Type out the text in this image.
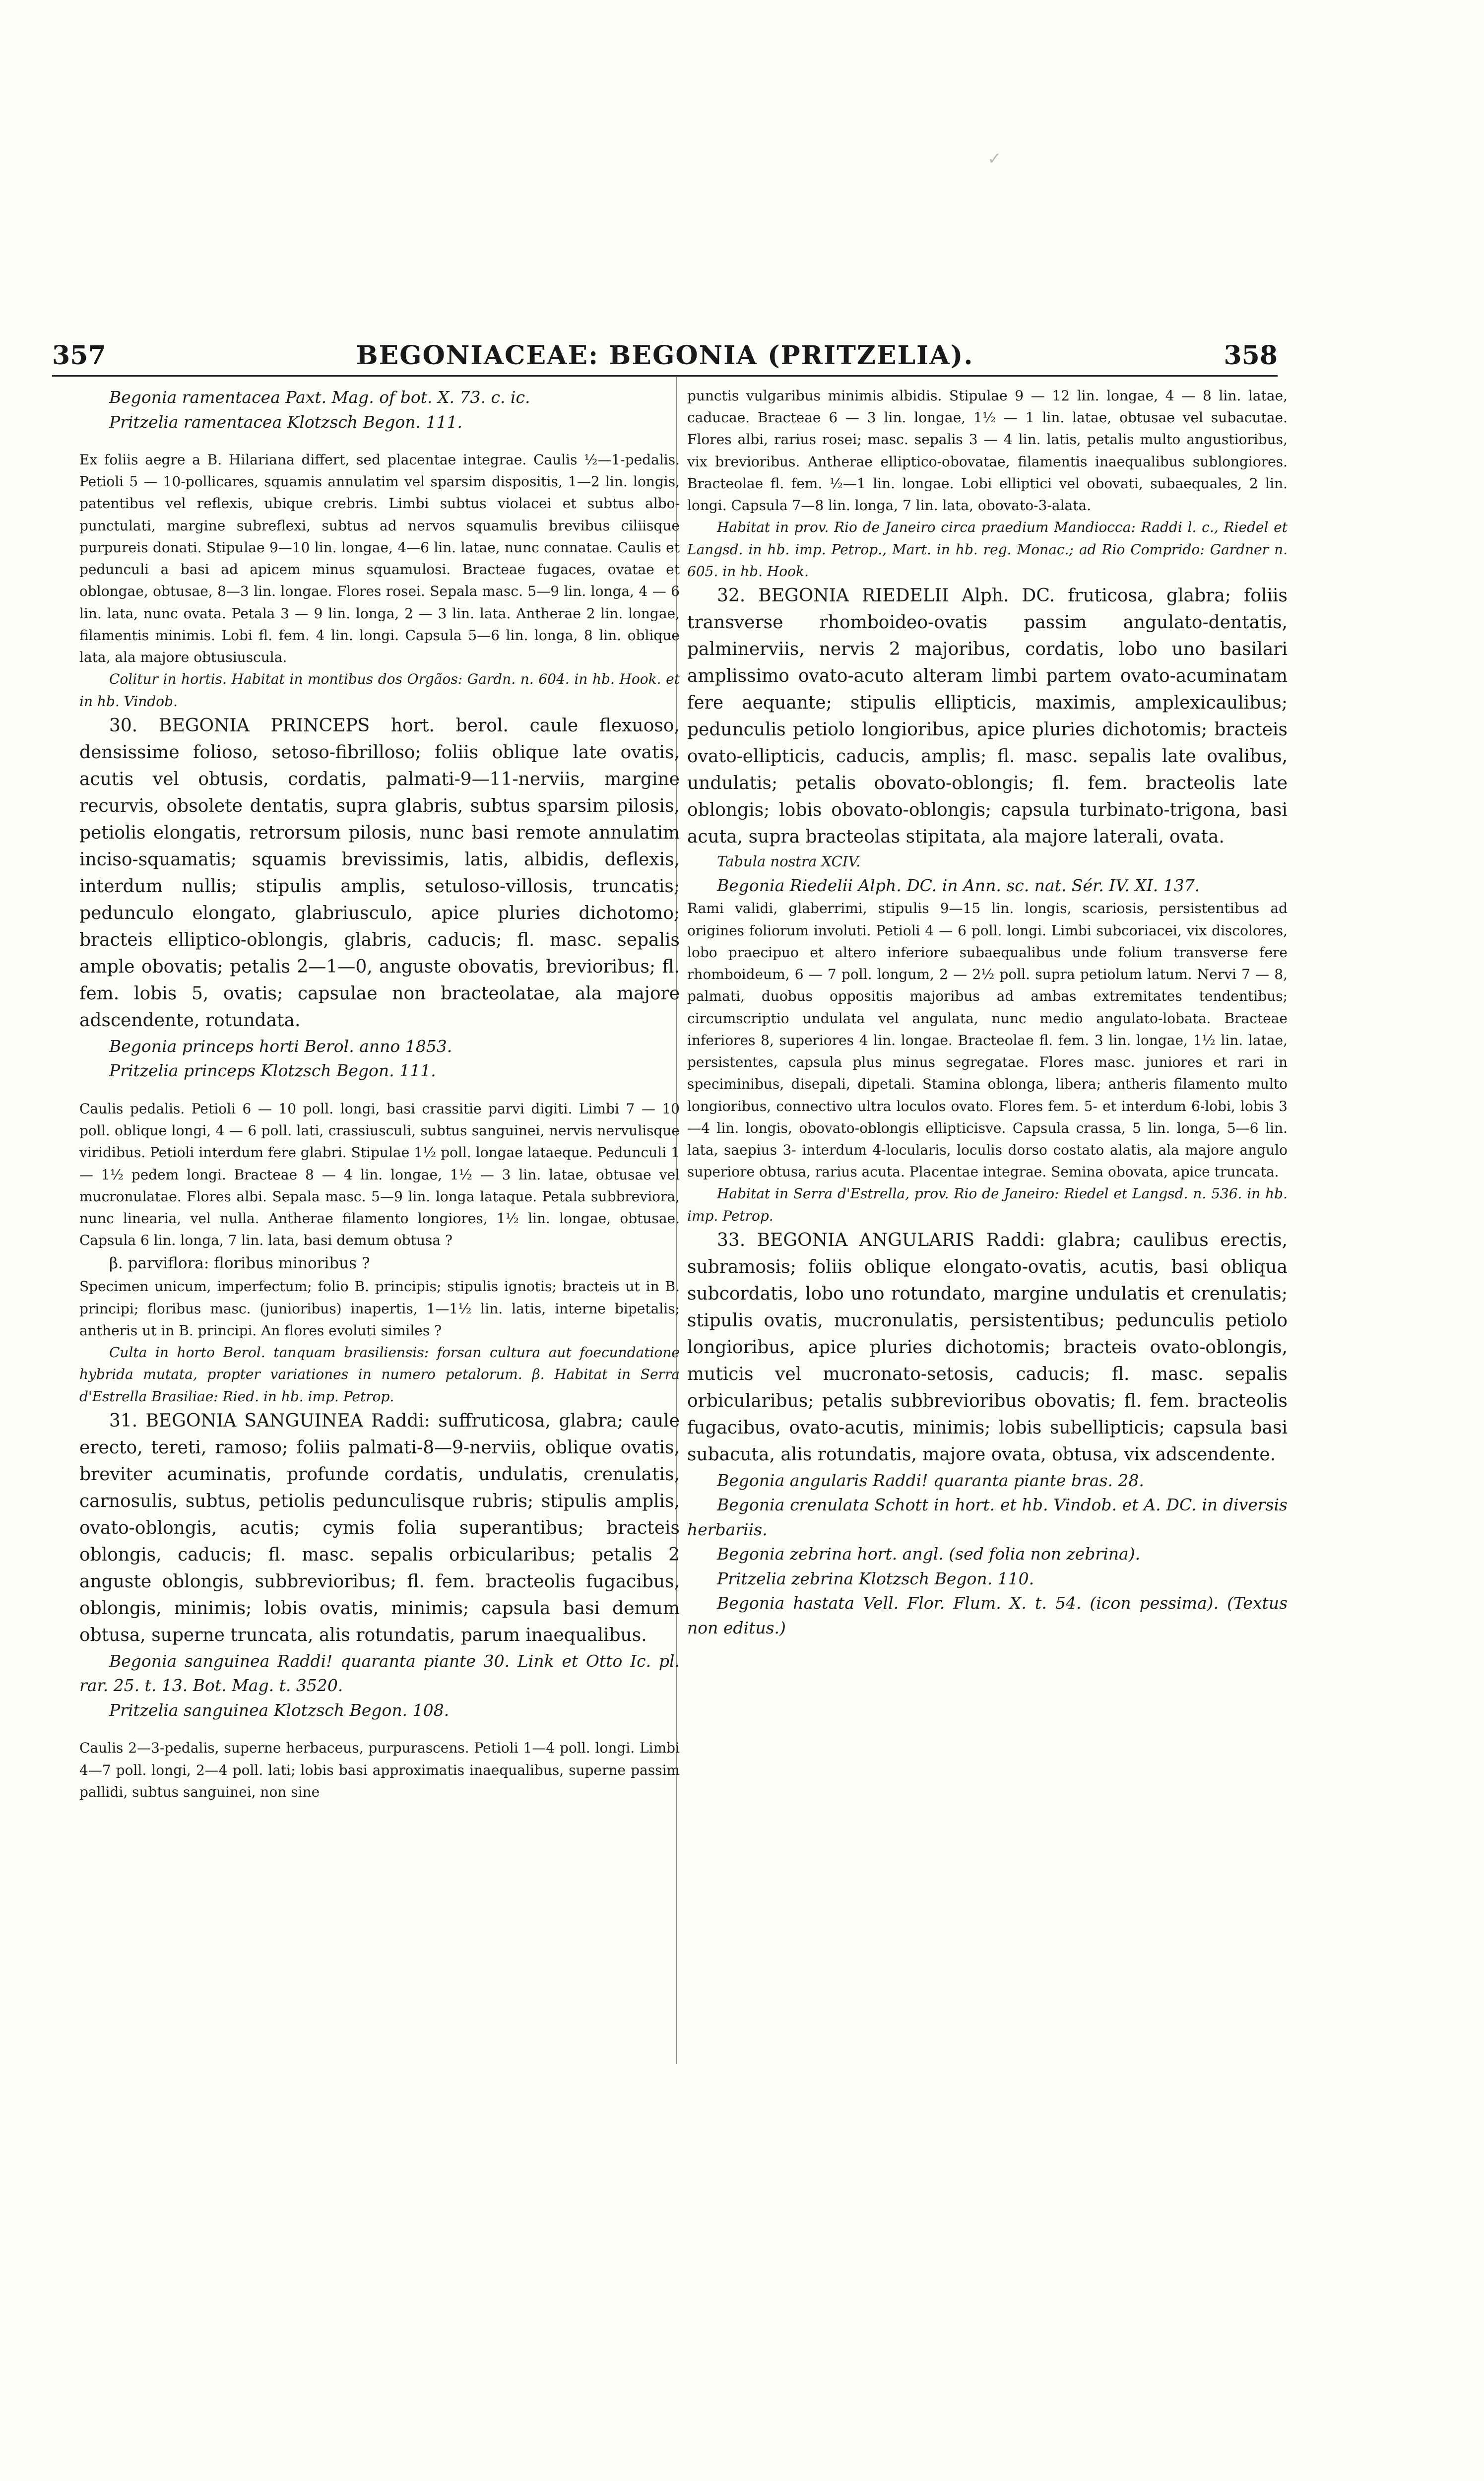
✓
357	BEGONIACEAE: BEGONIA (PRITZELIA).	358

Begonia ramentacea Paxt. Mag. of bot. X. 73. c. ic.

Pritzelia ramentacea Klotzsch Begon. 111.

Ex foliis aegre a B. Hilariana differt, sed placentae integrae. Caulis ½—1-pedalis. Petioli 5 — 10-pollicares, squamis annulatim vel sparsim dispositis, 1—2 lin. longis, patentibus vel reflexis, ubique crebris. Limbi subtus violacei et subtus albo-punctulati, margine subreflexi, subtus ad nervos squamulis brevibus ciliisque purpureis donati. Stipulae 9—10 lin. longae, 4—6 lin. latae, nunc connatae. Caulis et pedunculi a basi ad apicem minus squamulosi. Bracteae fugaces, ovatae et oblongae, obtusae, 8—3 lin. longae. Flores rosei. Sepala masc. 5—9 lin. longa, 4 — 6 lin. lata, nunc ovata. Petala 3 — 9 lin. longa, 2 — 3 lin. lata. Antherae 2 lin. longae, filamentis minimis. Lobi fl. fem. 4 lin. longi. Capsula 5—6 lin. longa, 8 lin. oblique lata, ala majore obtusiuscula.

Colitur in hortis. Habitat in montibus dos Orgãos: Gardn. n. 604. in hb. Hook. et in hb. Vindob.

30. BEGONIA PRINCEPS hort. berol. caule flexuoso, densissime folioso, setoso-fibrilloso; foliis oblique late ovatis, acutis vel obtusis, cordatis, palmati-9—11-nerviis, margine recurvis, obsolete dentatis, supra glabris, subtus sparsim pilosis, petiolis elongatis, retrorsum pilosis, nunc basi remote annulatim inciso-squamatis; squamis brevissimis, latis, albidis, deflexis, interdum nullis; stipulis amplis, setuloso-villosis, truncatis; pedunculo elongato, glabriusculo, apice pluries dichotomo; bracteis elliptico-oblongis, glabris, caducis; fl. masc. sepalis ample obovatis; petalis 2—1—0, anguste obovatis, brevioribus; fl. fem. lobis 5, ovatis; capsulae non bracteolatae, ala majore adscendente, rotundata.

Begonia princeps horti Berol. anno 1853.

Pritzelia princeps Klotzsch Begon. 111.

Caulis pedalis. Petioli 6 — 10 poll. longi, basi crassitie parvi digiti. Limbi 7 — 10 poll. oblique longi, 4 — 6 poll. lati, crassiusculi, subtus sanguinei, nervis nervulisque viridibus. Petioli interdum fere glabri. Stipulae 1½ poll. longae lataeque. Pedunculi 1 — 1½ pedem longi. Bracteae 8 — 4 lin. longae, 1½ — 3 lin. latae, obtusae vel mucronulatae. Flores albi. Sepala masc. 5—9 lin. longa lataque. Petala subbreviora, nunc linearia, vel nulla. Antherae filamento longiores, 1½ lin. longae, obtusae. Capsula 6 lin. longa, 7 lin. lata, basi demum obtusa ?

β. parviflora: floribus minoribus ?

Specimen unicum, imperfectum; folio B. principis; stipulis ignotis; bracteis ut in B. principi; floribus masc. (junioribus) inapertis, 1—1½ lin. latis, interne bipetalis; antheris ut in B. principi. An flores evoluti similes ?

Culta in horto Berol. tanquam brasiliensis: forsan cultura aut foecundatione hybrida mutata, propter variationes in numero petalorum. β. Habitat in Serra d'Estrella Brasiliae: Ried. in hb. imp. Petrop.

31. BEGONIA SANGUINEA Raddi: suffruticosa, glabra; caule erecto, tereti, ramoso; foliis palmati-8—9-nerviis, oblique ovatis, breviter acuminatis, profunde cordatis, undulatis, crenulatis, carnosulis, subtus, petiolis pedunculisque rubris; stipulis amplis, ovato-oblongis, acutis; cymis folia superantibus; bracteis oblongis, caducis; fl. masc. sepalis orbicularibus; petalis 2 anguste oblongis, subbrevioribus; fl. fem. bracteolis fugacibus, oblongis, minimis; lobis ovatis, minimis; capsula basi demum obtusa, superne truncata, alis rotundatis, parum inaequalibus.

Begonia sanguinea Raddi! quaranta piante 30. Link et Otto Ic. pl. rar. 25. t. 13. Bot. Mag. t. 3520.

Pritzelia sanguinea Klotzsch Begon. 108.

Caulis 2—3-pedalis, superne herbaceus, purpurascens. Petioli 1—4 poll. longi. Limbi 4—7 poll. longi, 2—4 poll. lati; lobis basi approximatis inaequalibus, superne passim pallidi, subtus sanguinei, non sine

punctis vulgaribus minimis albidis. Stipulae 9 — 12 lin. longae, 4 — 8 lin. latae, caducae. Bracteae 6 — 3 lin. longae, 1½ — 1 lin. latae, obtusae vel subacutae. Flores albi, rarius rosei; masc. sepalis 3 — 4 lin. latis, petalis multo angustioribus, vix brevioribus. Antherae elliptico-obovatae, filamentis inaequalibus sublongiores. Bracteolae fl. fem. ½—1 lin. longae. Lobi elliptici vel obovati, subaequales, 2 lin. longi. Capsula 7—8 lin. longa, 7 lin. lata, obovato-3-alata.

Habitat in prov. Rio de Janeiro circa praedium Mandiocca: Raddi l. c., Riedel et Langsd. in hb. imp. Petrop., Mart. in hb. reg. Monac.; ad Rio Comprido: Gardner n. 605. in hb. Hook.

32. BEGONIA RIEDELII Alph. DC. fruticosa, glabra; foliis transverse rhomboideo-ovatis passim angulato-dentatis, palminerviis, nervis 2 majoribus, cordatis, lobo uno basilari amplissimo ovato-acuto alteram limbi partem ovato-acuminatam fere aequante; stipulis ellipticis, maximis, amplexicaulibus; pedunculis petiolo longioribus, apice pluries dichotomis; bracteis ovato-ellipticis, caducis, amplis; fl. masc. sepalis late ovalibus, undulatis; petalis obovato-oblongis; fl. fem. bracteolis late oblongis; lobis obovato-oblongis; capsula turbinato-trigona, basi acuta, supra bracteolas stipitata, ala majore laterali, ovata.

Tabula nostra XCIV.

Begonia Riedelii Alph. DC. in Ann. sc. nat. Sér. IV. XI. 137.

Rami validi, glaberrimi, stipulis 9—15 lin. longis, scariosis, persistentibus ad origines foliorum involuti. Petioli 4 — 6 poll. longi. Limbi subcoriacei, vix discolores, lobo praecipuo et altero inferiore subaequalibus unde folium transverse fere rhomboideum, 6 — 7 poll. longum, 2 — 2½ poll. supra petiolum latum. Nervi 7 — 8, palmati, duobus oppositis majoribus ad ambas extremitates tendentibus; circumscriptio undulata vel angulata, nunc medio angulato-lobata. Bracteae inferiores 8, superiores 4 lin. longae. Bracteolae fl. fem. 3 lin. longae, 1½ lin. latae, persistentes, capsula plus minus segregatae. Flores masc. juniores et rari in speciminibus, disepali, dipetali. Stamina oblonga, libera; antheris filamento multo longioribus, connectivo ultra loculos ovato. Flores fem. 5- et interdum 6-lobi, lobis 3—4 lin. longis, obovato-oblongis ellipticisve. Capsula crassa, 5 lin. longa, 5—6 lin. lata, saepius 3- interdum 4-locularis, loculis dorso costato alatis, ala majore angulo superiore obtusa, rarius acuta. Placentae integrae. Semina obovata, apice truncata.

Habitat in Serra d'Estrella, prov. Rio de Janeiro: Riedel et Langsd. n. 536. in hb. imp. Petrop.

33. BEGONIA ANGULARIS Raddi: glabra; caulibus erectis, subramosis; foliis oblique elongato-ovatis, acutis, basi obliqua subcordatis, lobo uno rotundato, margine undulatis et crenulatis; stipulis ovatis, mucronulatis, persistentibus; pedunculis petiolo longioribus, apice pluries dichotomis; bracteis ovato-oblongis, muticis vel mucronato-setosis, caducis; fl. masc. sepalis orbicularibus; petalis subbrevioribus obovatis; fl. fem. bracteolis fugacibus, ovato-acutis, minimis; lobis subellipticis; capsula basi subacuta, alis rotundatis, majore ovata, obtusa, vix adscendente.

Begonia angularis Raddi! quaranta piante bras. 28.

Begonia crenulata Schott in hort. et hb. Vindob. et A. DC. in diversis herbariis.

Begonia zebrina hort. angl. (sed folia non zebrina).

Pritzelia zebrina Klotzsch Begon. 110.

Begonia hastata Vell. Flor. Flum. X. t. 54. (icon pessima). (Textus non editus.)
